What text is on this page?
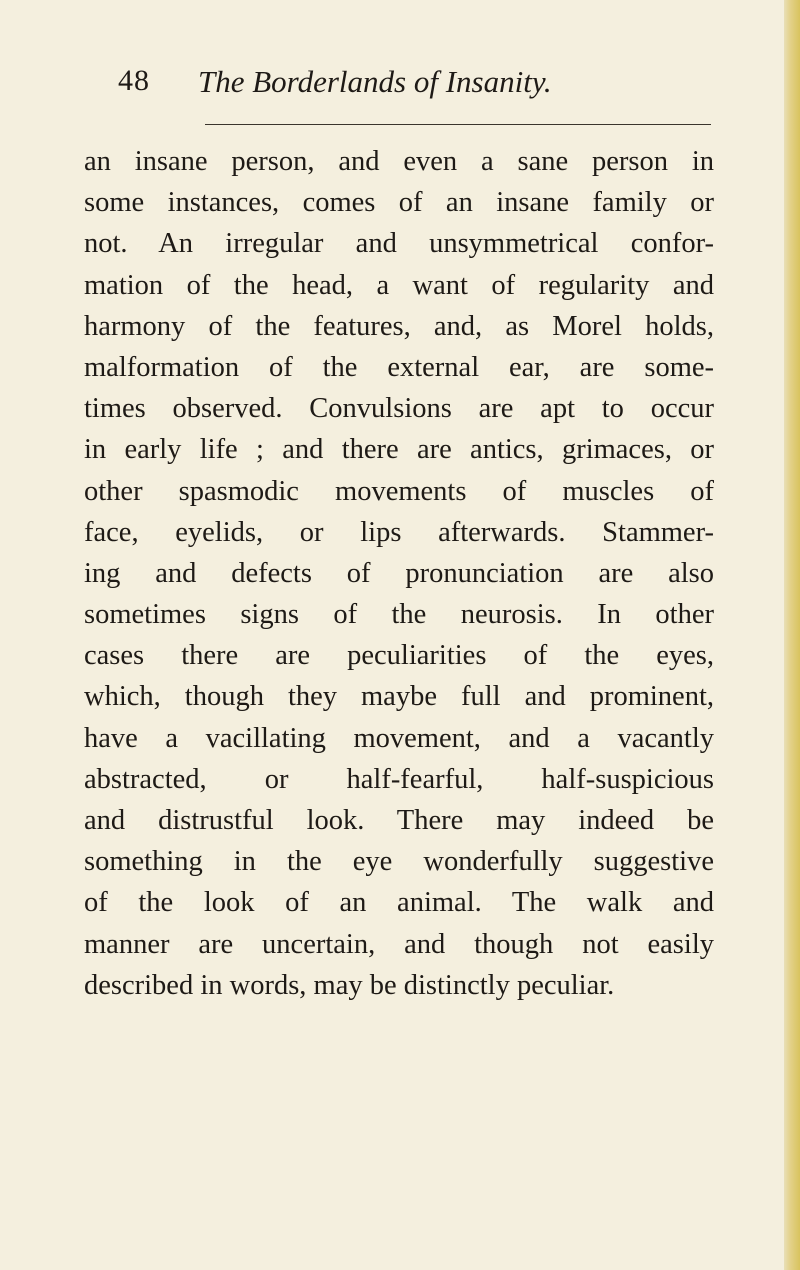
48 The Borderlands of Insanity.
an insane person, and even a sane person in
some instances, comes of an insane family or
not. An irregular and unsymmetrical confor-
mation of the head, a want of regularity and
harmony of the features, and, as Morel holds,
malformation of the external ear, are some-
times observed. Convulsions are apt to occur
in early life ; and there are antics, grimaces, or
other spasmodic movements of muscles of
face, eyelids, or lips afterwards. Stammer-
ing and defects of pronunciation are also
sometimes signs of the neurosis. In other
cases there are peculiarities of the eyes,
which, though they maybe full and prominent,
have a vacillating movement, and a vacantly
abstracted, or half-fearful, half-suspicious
and distrustful look. There may indeed be
something in the eye wonderfully suggestive
of the look of an animal. The walk and
manner are uncertain, and though not easily
described in words, may be distinctly peculiar.
